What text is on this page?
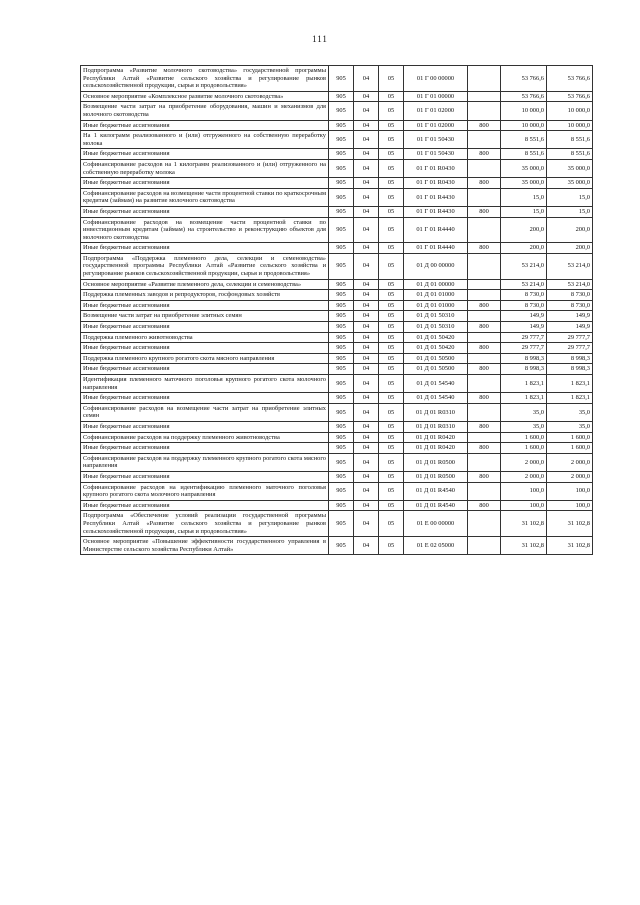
111
Подпрограмма «Развитие молочного скотоводства» государственной программы Республики Алтай «Развитие сельского хозяйства и регулирование рынков сельскохозяйственной продукции, сырья и продовольствия»	905	04	05	01 Г 00 00000		53 766,6	53 766,6
Основное мероприятие «Комплексное развитие молочного скотоводства»	905	04	05	01 Г 01 00000		53 766,6	53 766,6
Возмещение части затрат на приобретение оборудования, машин и механизмов для молочного скотоводства	905	04	05	01 Г 01 02000		10 000,0	10 000,0
Иные бюджетные ассигнования	905	04	05	01 Г 01 02000	800	10 000,0	10 000,0
На 1 килограмм реализованного и (или) отгруженного на собственную переработку молока	905	04	05	01 Г 01 50430		8 551,6	8 551,6
Иные бюджетные ассигнования	905	04	05	01 Г 01 50430	800	8 551,6	8 551,6
Софинансирование расходов на 1 килограмм реализованного и (или) отгруженного на собственную переработку молока	905	04	05	01 Г 01 R0430		35 000,0	35 000,0
Иные бюджетные ассигнования	905	04	05	01 Г 01 R0430	800	35 000,0	35 000,0
Софинансирование расходов на возмещение части процентной ставки по краткосрочным кредитам (займам) на развитие молочного скотоводства	905	04	05	01 Г 01 R4430		15,0	15,0
Иные бюджетные ассигнования	905	04	05	01 Г 01 R4430	800	15,0	15,0
Софинансирование расходов на возмещение части процентной ставки по инвестиционным кредитам (займам) на строительство и реконструкцию объектов для молочного скотоводства	905	04	05	01 Г 01 R4440		200,0	200,0
Иные бюджетные ассигнования	905	04	05	01 Г 01 R4440	800	200,0	200,0
Подпрограмма «Поддержка племенного дела, селекции и семеноводства» государственной программы Республики Алтай «Развитие сельского хозяйства и регулирование рынков сельскохозяйственной продукции, сырья и продовольствия»	905	04	05	01 Д 00 00000		53 214,0	53 214,0
Основное мероприятие «Развитие племенного дела, селекции и семеноводства»	905	04	05	01 Д 01 00000		53 214,0	53 214,0
Поддержка племенных заводов и репродукторов, госфондовых хозяйств	905	04	05	01 Д 01 01000		8 730,0	8 730,0
Иные бюджетные ассигнования	905	04	05	01 Д 01 01000	800	8 730,0	8 730,0
Возмещение части затрат на приобретение элитных семян	905	04	05	01 Д 01 50310		149,9	149,9
Иные бюджетные ассигнования	905	04	05	01 Д 01 50310	800	149,9	149,9
Поддержка племенного животноводства	905	04	05	01 Д 01 50420		29 777,7	29 777,7
Иные бюджетные ассигнования	905	04	05	01 Д 01 50420	800	29 777,7	29 777,7
Поддержка племенного крупного рогатого скота мясного направления	905	04	05	01 Д 01 50500		8 998,3	8 998,3
Иные бюджетные ассигнования	905	04	05	01 Д 01 50500	800	8 998,3	8 998,3
Идентификация племенного маточного поголовья крупного рогатого скота молочного направления	905	04	05	01 Д 01 54540		1 823,1	1 823,1
Иные бюджетные ассигнования	905	04	05	01 Д 01 54540	800	1 823,1	1 823,1
Софинансирование расходов на возмещение части затрат на приобретение элитных семян	905	04	05	01 Д 01 R0310		35,0	35,0
Иные бюджетные ассигнования	905	04	05	01 Д 01 R0310	800	35,0	35,0
Софинансирование расходов на поддержку племенного животноводства	905	04	05	01 Д 01 R0420		1 600,0	1 600,0
Иные бюджетные ассигнования	905	04	05	01 Д 01 R0420	800	1 600,0	1 600,0
Софинансирование расходов на поддержку племенного крупного рогатого скота мясного направления	905	04	05	01 Д 01 R0500		2 000,0	2 000,0
Иные бюджетные ассигнования	905	04	05	01 Д 01 R0500	800	2 000,0	2 000,0
Софинансирование расходов на идентификацию племенного маточного поголовья крупного рогатого скота молочного направления	905	04	05	01 Д 01 R4540		100,0	100,0
Иные бюджетные ассигнования	905	04	05	01 Д 01 R4540	800	100,0	100,0
Подпрограмма «Обеспечение условий реализации государственной программы Республики Алтай «Развитие сельского хозяйства и регулирование рынков сельскохозяйственной продукции, сырья и продовольствия»	905	04	05	01 Е 00 00000		31 102,8	31 102,8
Основное мероприятие «Повышение эффективности государственного управления в Министерстве сельского хозяйства Республики Алтай»	905	04	05	01 Е 02 05000		31 102,8	31 102,8
